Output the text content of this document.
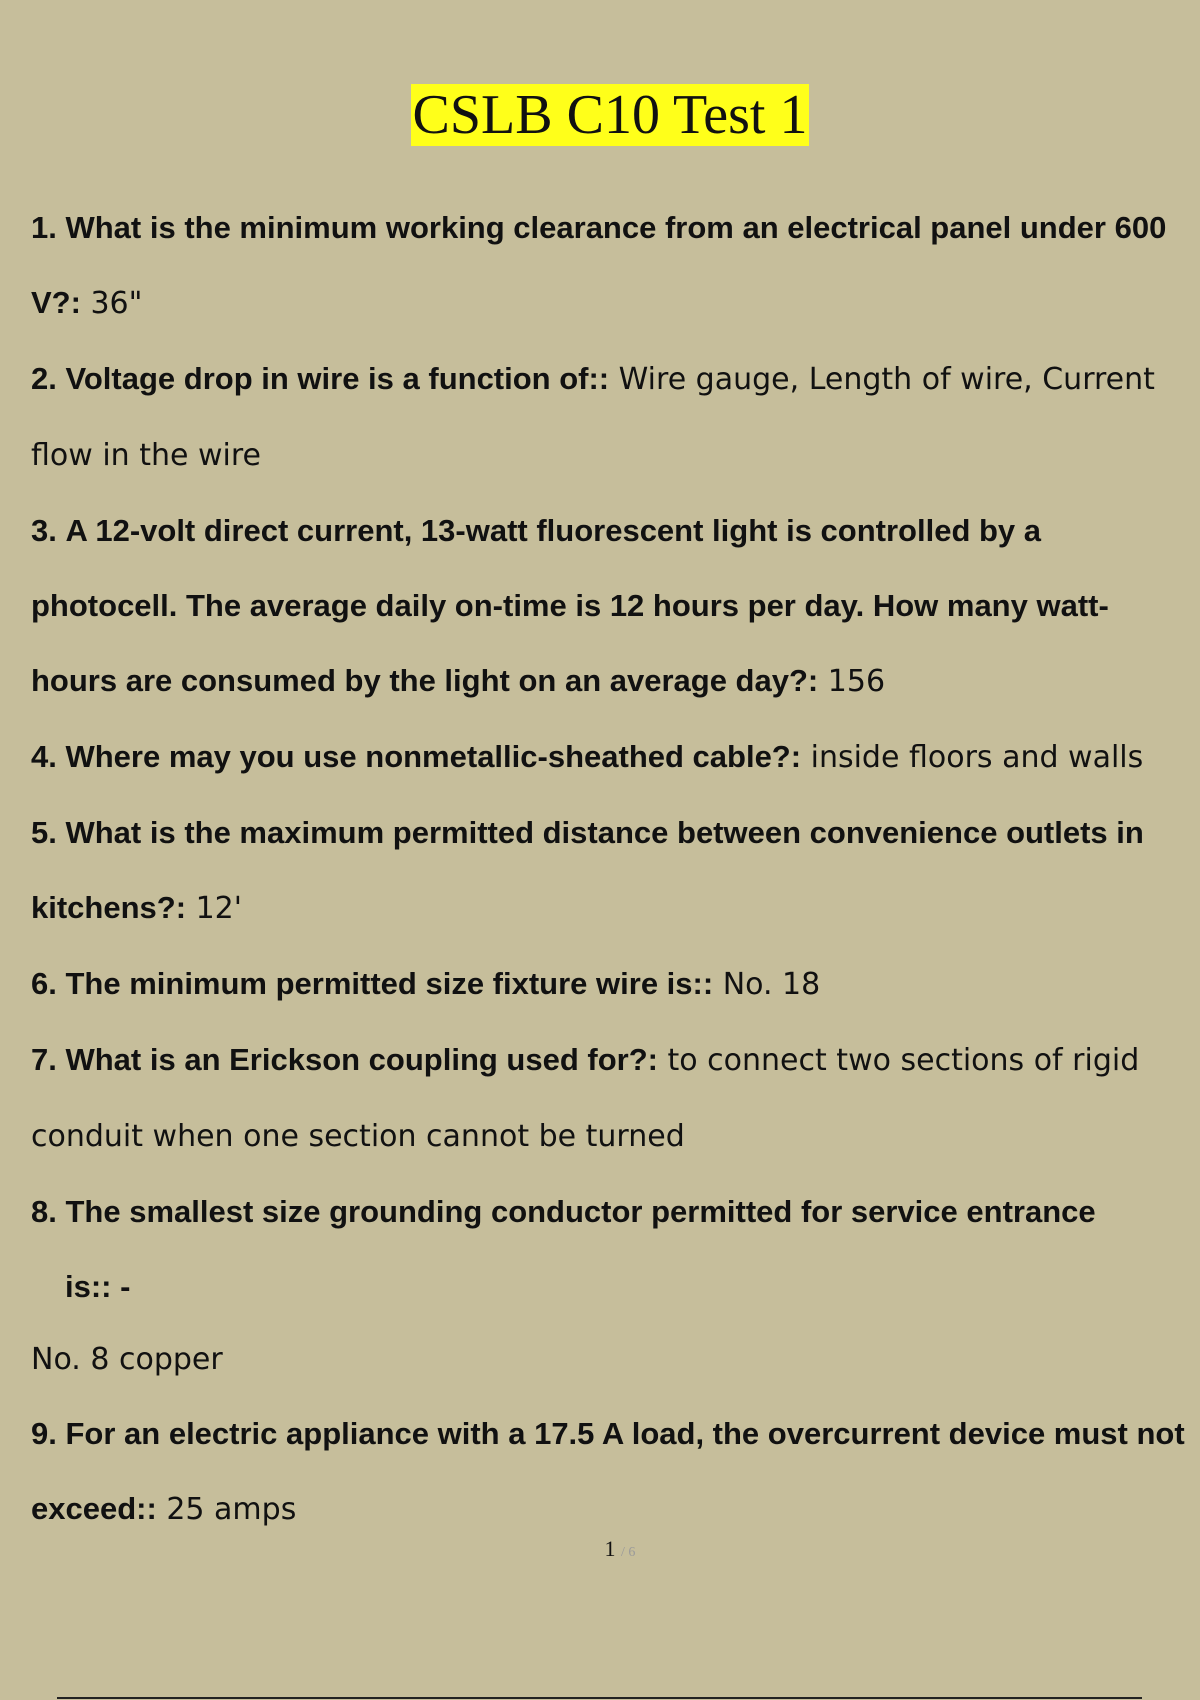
CSLB C10 Test 1
1. What is the minimum working clearance from an electrical panel under 600 V?: 36"
2. Voltage drop in wire is a function of:: Wire gauge, Length of wire, Current flow in the wire
3. A 12-volt direct current, 13-watt fluorescent light is controlled by a photocell. The average daily on-time is 12 hours per day. How many watt- hours are consumed by the light on an average day?: 156
4. Where may you use nonmetallic-sheathed cable?: inside floors and walls
5. What is the maximum permitted distance between convenience outlets in kitchens?: 12'
6. The minimum permitted size fixture wire is:: No. 18
7. What is an Erickson coupling used for?: to connect two sections of rigid conduit when one section cannot be turned
8. The smallest size grounding conductor permitted for service entrance
is:: -
No. 8 copper
9. For an electric appliance with a 17.5 A load, the overcurrent device must not exceed:: 25 amps
1 / 6
